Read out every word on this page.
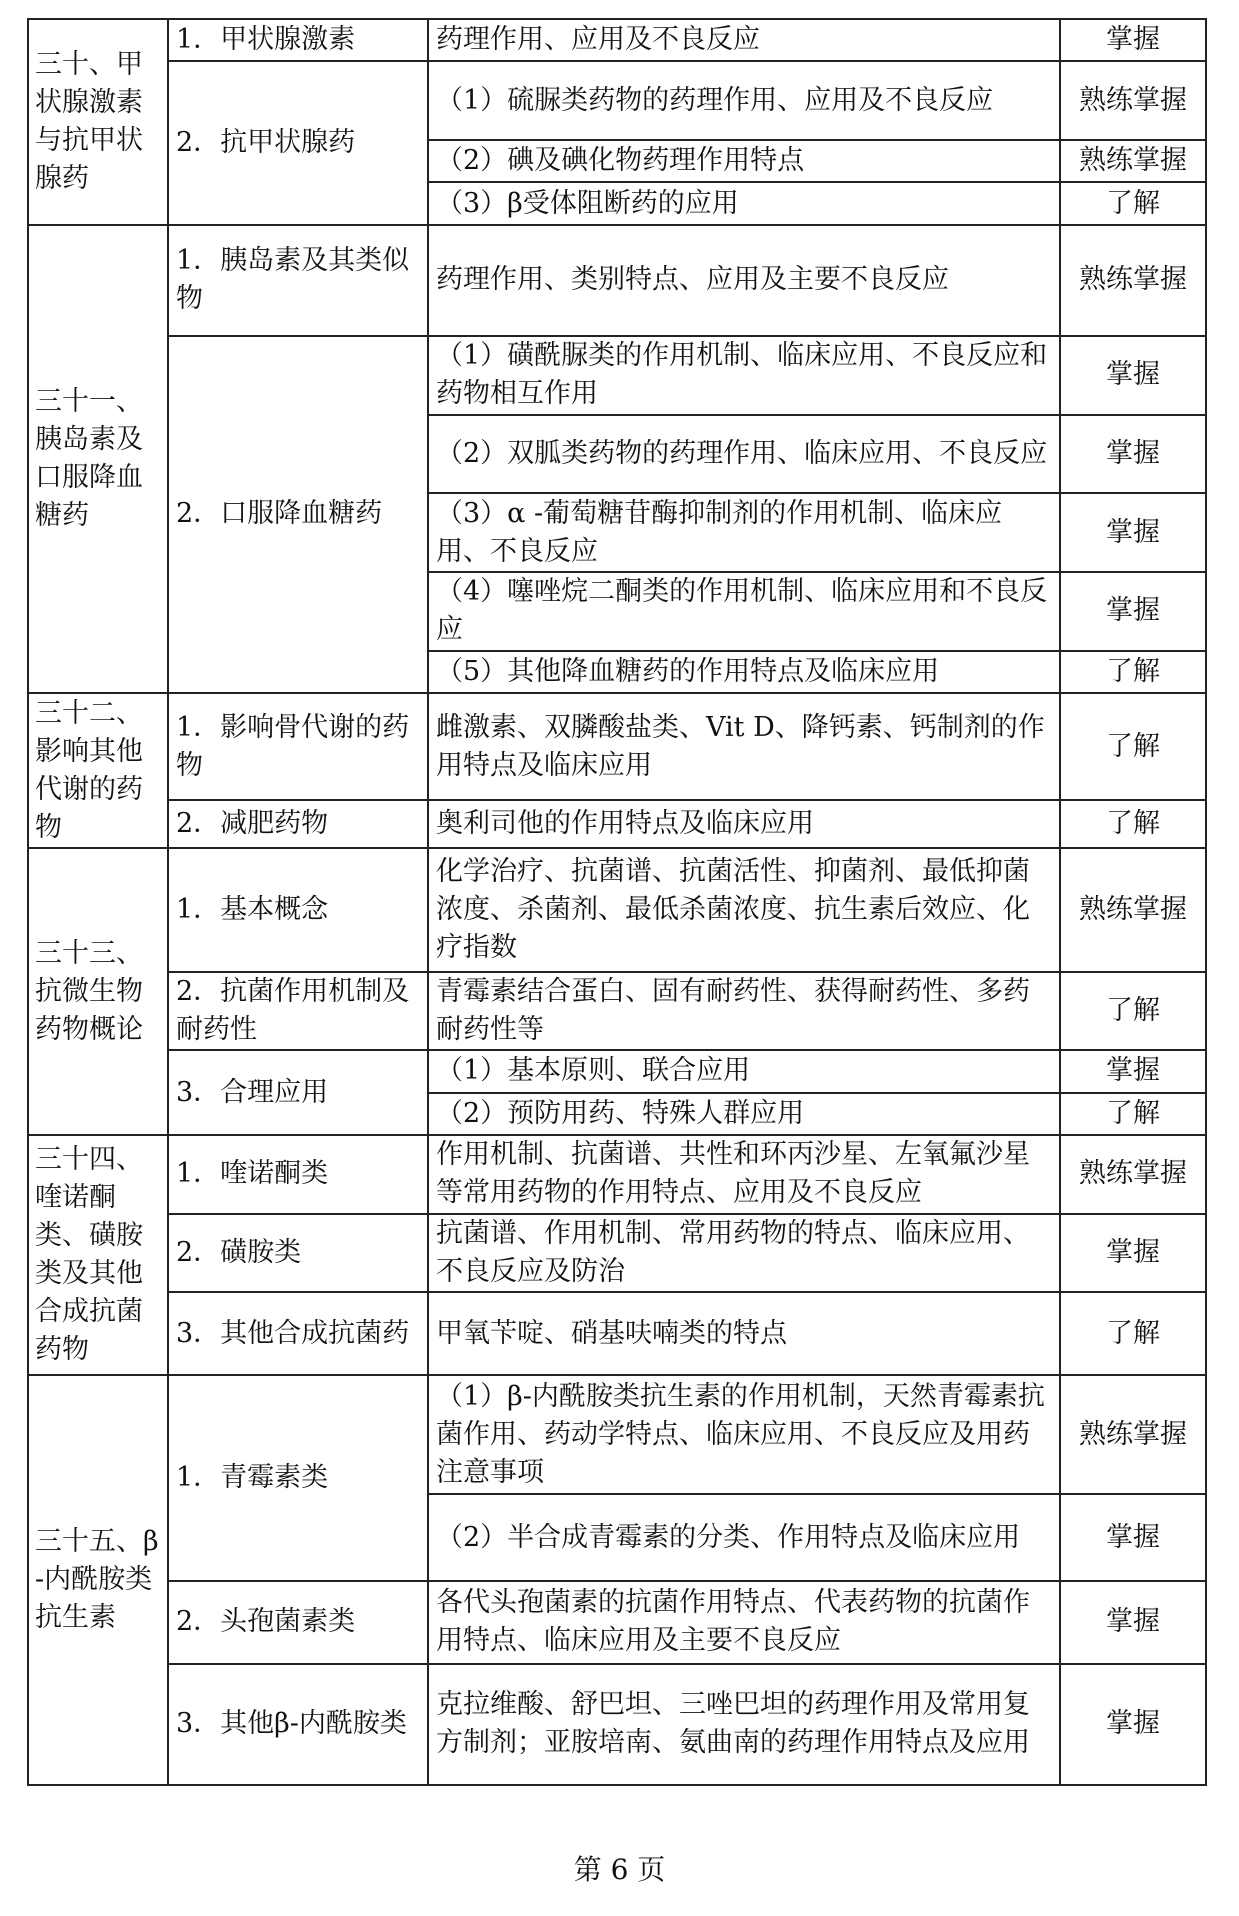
三十、甲状腺激素与抗甲状腺药	1．甲状腺激素	药理作用、应用及不良反应	掌握
	2．抗甲状腺药	（1）硫脲类药物的药理作用、应用及不良反应	熟练掌握
		（2）碘及碘化物药理作用特点	熟练掌握
		（3）β受体阻断药的应用	了解
三十一、胰岛素及口服降血糖药	1．胰岛素及其类似物	药理作用、类别特点、应用及主要不良反应	熟练掌握
	2．口服降血糖药	（1）磺酰脲类的作用机制、临床应用、不良反应和药物相互作用	掌握
		（2）双胍类药物的药理作用、临床应用、不良反应	掌握
		（3）α -葡萄糖苷酶抑制剂的作用机制、临床应用、不良反应	掌握
		（4）噻唑烷二酮类的作用机制、临床应用和不良反应	掌握
		（5）其他降血糖药的作用特点及临床应用	了解
三十二、影响其他代谢的药物	1．影响骨代谢的药物	雌激素、双膦酸盐类、Vit D、降钙素、钙制剂的作用特点及临床应用	了解
	2．减肥药物	奥利司他的作用特点及临床应用	了解
三十三、抗微生物药物概论	1．基本概念	化学治疗、抗菌谱、抗菌活性、抑菌剂、最低抑菌浓度、杀菌剂、最低杀菌浓度、抗生素后效应、化疗指数	熟练掌握
	2．抗菌作用机制及耐药性	青霉素结合蛋白、固有耐药性、获得耐药性、多药耐药性等	了解
	3．合理应用	（1）基本原则、联合应用	掌握
		（2）预防用药、特殊人群应用	了解
三十四、喹诺酮类、磺胺类及其他合成抗菌药物	1．喹诺酮类	作用机制、抗菌谱、共性和环丙沙星、左氧氟沙星等常用药物的作用特点、应用及不良反应	熟练掌握
	2．磺胺类	抗菌谱、作用机制、常用药物的特点、临床应用、不良反应及防治	掌握
	3．其他合成抗菌药	甲氧苄啶、硝基呋喃类的特点	了解
三十五、β-内酰胺类抗生素	1．青霉素类	（1）β-内酰胺类抗生素的作用机制，天然青霉素抗菌作用、药动学特点、临床应用、不良反应及用药注意事项	熟练掌握
		（2）半合成青霉素的分类、作用特点及临床应用	掌握
	2．头孢菌素类	各代头孢菌素的抗菌作用特点、代表药物的抗菌作用特点、临床应用及主要不良反应	掌握
	3．其他β-内酰胺类	克拉维酸、舒巴坦、三唑巴坦的药理作用及常用复方制剂；亚胺培南、氨曲南的药理作用特点及应用	掌握
第 6 页
